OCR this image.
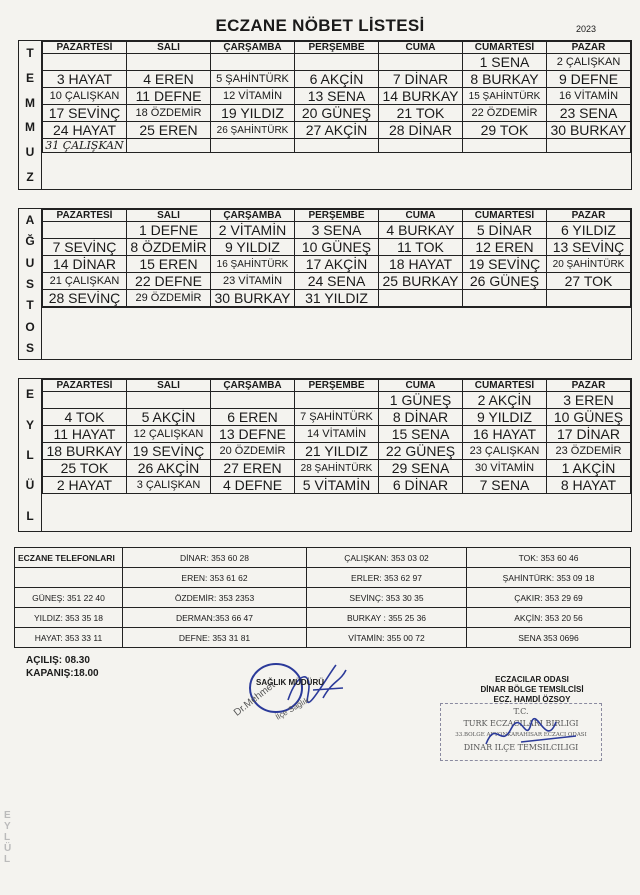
ECZANE NÖBET LİSTESİ	2023
T
E
M
M
U
Z
PAZARTESİ	SALI	ÇARŞAMBA	PERŞEMBE	CUMA	CUMARTESİ	PAZAR
					1 SENA	2 ÇALIŞKAN
3 HAYAT	4 EREN	5 ŞAHİNTÜRK	6 AKÇİN	7 DİNAR	8 BURKAY	9 DEFNE
10 ÇALIŞKAN	11 DEFNE	12 VİTAMİN	13 SENA	14 BURKAY	15 ŞAHİNTÜRK	16 VİTAMİN
17 SEVİNÇ	18 ÖZDEMİR	19 YILDIZ	20 GÜNEŞ	21 TOK	22 ÖZDEMİR	23 SENA
24 HAYAT	25 EREN	26 ŞAHİNTÜRK	27 AKÇİN	28 DİNAR	29 TOK	30 BURKAY
31 ÇALIŞKAN						
A
Ğ
U
S
T
O
S
PAZARTESİ	SALI	ÇARŞAMBA	PERŞEMBE	CUMA	CUMARTESİ	PAZAR
	1 DEFNE	2 VİTAMİN	3 SENA	4 BURKAY	5 DİNAR	6 YILDIZ
7 SEVİNÇ	8 ÖZDEMİR	9 YILDIZ	10 GÜNEŞ	11 TOK	12 EREN	13 SEVİNÇ
14 DİNAR	15 EREN	16 ŞAHİNTÜRK	17 AKÇİN	18 HAYAT	19 SEVİNÇ	20 ŞAHİNTÜRK
21 ÇALIŞKAN	22 DEFNE	23 VİTAMİN	24 SENA	25 BURKAY	26 GÜNEŞ	27 TOK
28 SEVİNÇ	29 ÖZDEMİR	30 BURKAY	31 YILDIZ			

E
Y
L
Ü
L
PAZARTESİ	SALI	ÇARŞAMBA	PERŞEMBE	CUMA	CUMARTESİ	PAZAR
				1 GÜNEŞ	2 AKÇİN	3 EREN
4 TOK	5 AKÇİN	6 EREN	7 ŞAHİNTÜRK	8 DİNAR	9 YILDIZ	10 GÜNEŞ
11 HAYAT	12 ÇALIŞKAN	13 DEFNE	14 VİTAMİN	15 SENA	16 HAYAT	17 DİNAR
18 BURKAY	19 SEVİNÇ	20 ÖZDEMİR	21 YILDIZ	22 GÜNEŞ	23 ÇALIŞKAN	23 ÖZDEMİR
25 TOK	26 AKÇİN	27 EREN	28 ŞAHİNTÜRK	29 SENA	30 VİTAMİN	1 AKÇİN
2 HAYAT	3 ÇALIŞKAN	4 DEFNE	5 VİTAMİN	6 DİNAR	7 SENA	8 HAYAT
ECZANE TELEFONLARI	DİNAR: 353 60 28	ÇALIŞKAN: 353 03 02	TOK: 353 60 46
	EREN: 353 61 62	ERLER: 353 62 97	ŞAHİNTÜRK: 353 09 18
GÜNEŞ: 351 22 40	ÖZDEMİR: 353 2353	SEVİNÇ: 353 30 35	ÇAKIR: 353 29 69
YILDIZ: 353 35 18	DERMAN:353 66 47	BURKAY : 355 25 36	AKÇİN: 353 20 56
HAYAT: 353 33 11	DEFNE: 353 31 81	VİTAMİN: 355 00 72	SENA 353 0696
AÇILIŞ: 08.30
KAPANIŞ:18.00
SAĞLIK MÜDÜRÜ
Dr.Mehmet
İlçe Sağlık
ECZACILAR ODASI
DİNAR BÖLGE TEMSİLCİSİ
ECZ. HAMDİ ÖZSOY
T.C.
TÜRK ECZACILARI BİRLİĞİ
33.BÖLGE AFYONKARAHİSAR ECZACI ODASI
DİNAR İLÇE TEMSİLCİLİĞİ
E
Y
L
Ü
L
